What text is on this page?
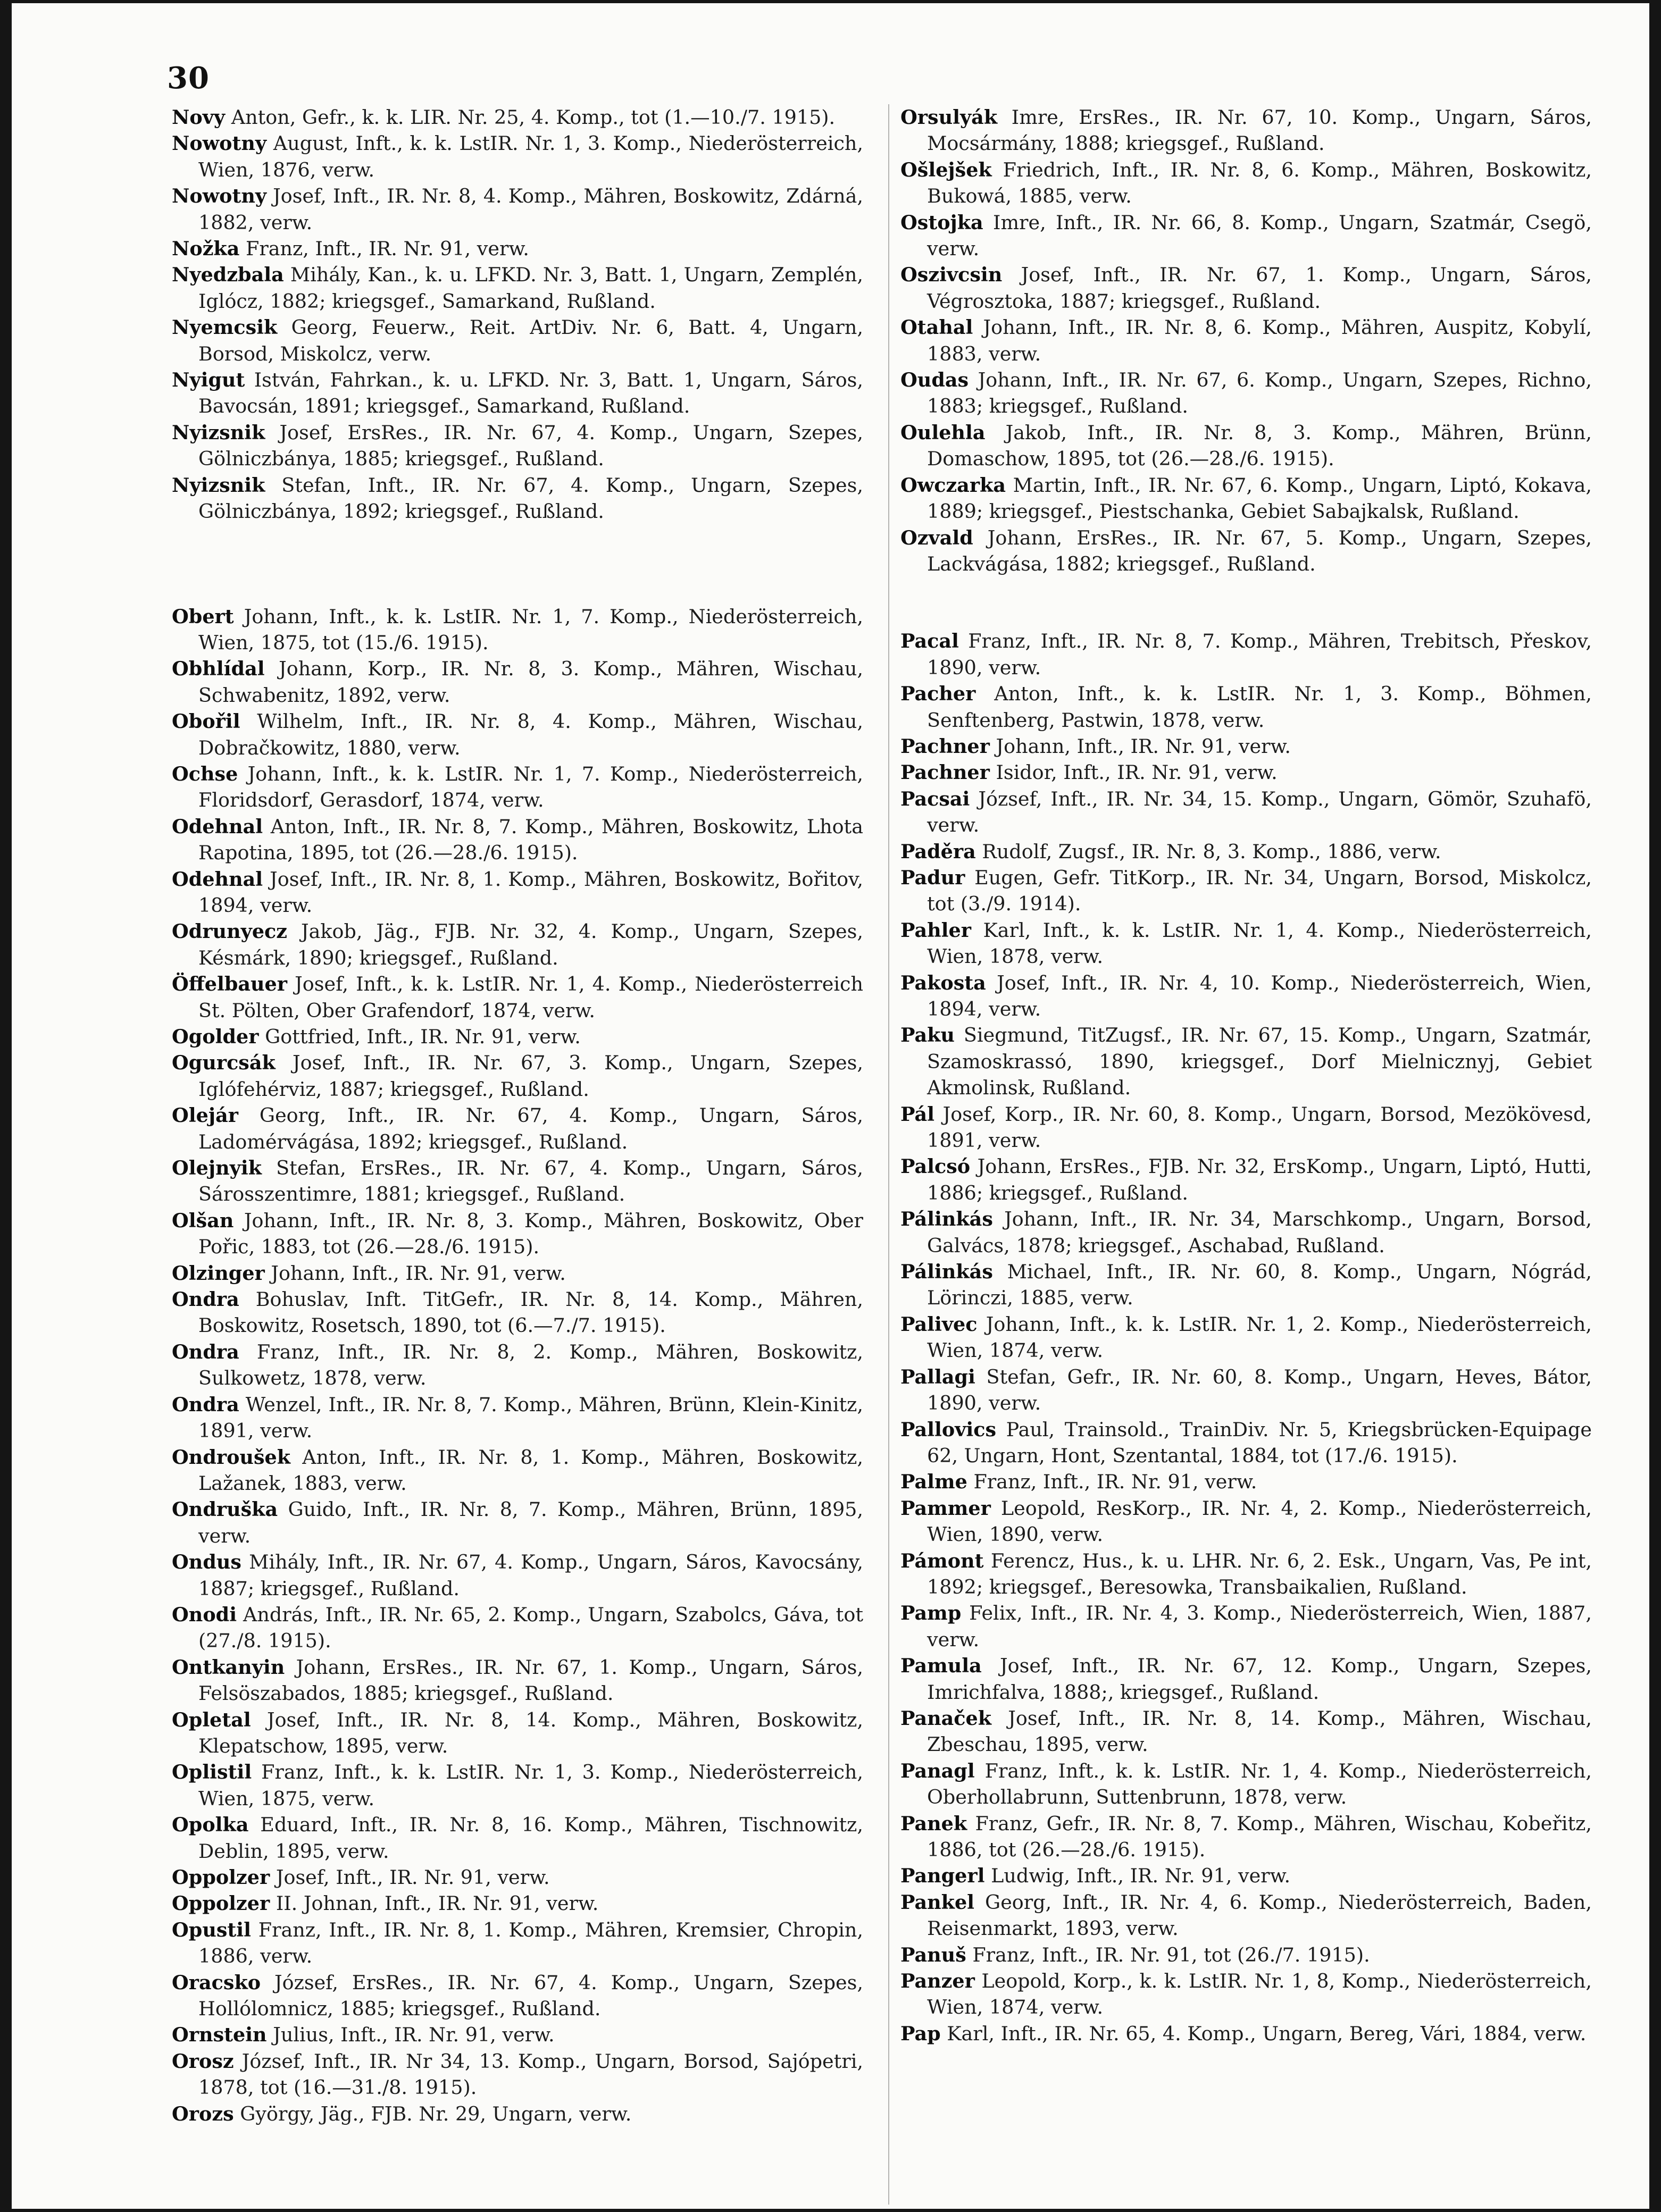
30

Novy Anton, Gefr., k. k. LIR. Nr. 25, 4. Komp., tot (1.—10./7. 1915).

Nowotny August, Inft., k. k. LstIR. Nr. 1, 3. Komp., Niederösterreich, Wien, 1876, verw.

Nowotny Josef, Inft., IR. Nr. 8, 4. Komp., Mähren, Boskowitz, Zdárná, 1882, verw.

Nožka Franz, Inft., IR. Nr. 91, verw.

Nyedzbala Mihály, Kan., k. u. LFKD. Nr. 3, Batt. 1, Ungarn, Zemplén, Iglócz, 1882; kriegsgef., Samarkand, Rußland.

Nyemcsik Georg, Feuerw., Reit. ArtDiv. Nr. 6, Batt. 4, Ungarn, Borsod, Miskolcz, verw.

Nyigut István, Fahrkan., k. u. LFKD. Nr. 3, Batt. 1, Ungarn, Sáros, Bavocsán, 1891; kriegsgef., Samarkand, Rußland.

Nyizsnik Josef, ErsRes., IR. Nr. 67, 4. Komp., Ungarn, Szepes, Gölniczbánya, 1885; kriegsgef., Rußland.

Nyizsnik Stefan, Inft., IR. Nr. 67, 4. Komp., Ungarn, Szepes, Gölniczbánya, 1892; kriegsgef., Rußland.

Obert Johann, Inft., k. k. LstIR. Nr. 1, 7. Komp., Niederösterreich, Wien, 1875, tot (15./6. 1915).

Obhlídal Johann, Korp., IR. Nr. 8, 3. Komp., Mähren, Wischau, Schwabenitz, 1892, verw.

Obořil Wilhelm, Inft., IR. Nr. 8, 4. Komp., Mähren, Wischau, Dobračkowitz, 1880, verw.

Ochse Johann, Inft., k. k. LstIR. Nr. 1, 7. Komp., Niederösterreich, Floridsdorf, Gerasdorf, 1874, verw.

Odehnal Anton, Inft., IR. Nr. 8, 7. Komp., Mähren, Boskowitz, Lhota Rapotina, 1895, tot (26.—28./6. 1915).

Odehnal Josef, Inft., IR. Nr. 8, 1. Komp., Mähren, Boskowitz, Bořitov, 1894, verw.

Odrunyecz Jakob, Jäg., FJB. Nr. 32, 4. Komp., Ungarn, Szepes, Késmárk, 1890; kriegsgef., Rußland.

Öffelbauer Josef, Inft., k. k. LstIR. Nr. 1, 4. Komp., Niederösterreich St. Pölten, Ober Grafendorf, 1874, verw.

Ogolder Gottfried, Inft., IR. Nr. 91, verw.

Ogurcsák Josef, Inft., IR. Nr. 67, 3. Komp., Ungarn, Szepes, Iglófehérviz, 1887; kriegsgef., Rußland.

Olejár Georg, Inft., IR. Nr. 67, 4. Komp., Ungarn, Sáros, Ladomérvágása, 1892; kriegsgef., Rußland.

Olejnyik Stefan, ErsRes., IR. Nr. 67, 4. Komp., Ungarn, Sáros, Sárosszentimre, 1881; kriegsgef., Rußland.

Olšan Johann, Inft., IR. Nr. 8, 3. Komp., Mähren, Boskowitz, Ober Pořic, 1883, tot (26.—28./6. 1915).

Olzinger Johann, Inft., IR. Nr. 91, verw.

Ondra Bohuslav, Inft. TitGefr., IR. Nr. 8, 14. Komp., Mähren, Boskowitz, Rosetsch, 1890, tot (6.—7./7. 1915).

Ondra Franz, Inft., IR. Nr. 8, 2. Komp., Mähren, Boskowitz, Sulkowetz, 1878, verw.

Ondra Wenzel, Inft., IR. Nr. 8, 7. Komp., Mähren, Brünn, Klein-Kinitz, 1891, verw.

Ondroušek Anton, Inft., IR. Nr. 8, 1. Komp., Mähren, Boskowitz, Lažanek, 1883, verw.

Ondruška Guido, Inft., IR. Nr. 8, 7. Komp., Mähren, Brünn, 1895, verw.

Ondus Mihály, Inft., IR. Nr. 67, 4. Komp., Ungarn, Sáros, Kavocsány, 1887; kriegsgef., Rußland.

Onodi András, Inft., IR. Nr. 65, 2. Komp., Ungarn, Szabolcs, Gáva, tot (27./8. 1915).

Ontkanyin Johann, ErsRes., IR. Nr. 67, 1. Komp., Ungarn, Sáros, Felsöszabados, 1885; kriegsgef., Rußland.

Opletal Josef, Inft., IR. Nr. 8, 14. Komp., Mähren, Boskowitz, Klepatschow, 1895, verw.

Oplistil Franz, Inft., k. k. LstIR. Nr. 1, 3. Komp., Niederösterreich, Wien, 1875, verw.

Opolka Eduard, Inft., IR. Nr. 8, 16. Komp., Mähren, Tischnowitz, Deblin, 1895, verw.

Oppolzer Josef, Inft., IR. Nr. 91, verw.

Oppolzer II. Johnan, Inft., IR. Nr. 91, verw.

Opustil Franz, Inft., IR. Nr. 8, 1. Komp., Mähren, Kremsier, Chropin, 1886, verw.

Oracsko József, ErsRes., IR. Nr. 67, 4. Komp., Ungarn, Szepes, Hollólomnicz, 1885; kriegsgef., Rußland.

Ornstein Julius, Inft., IR. Nr. 91, verw.

Orosz József, Inft., IR. Nr 34, 13. Komp., Ungarn, Borsod, Sajópetri, 1878, tot (16.—31./8. 1915).

Orozs György, Jäg., FJB. Nr. 29, Ungarn, verw.

Orsulyák Imre, ErsRes., IR. Nr. 67, 10. Komp., Ungarn, Sáros, Mocsármány, 1888; kriegsgef., Rußland.

Ošlejšek Friedrich, Inft., IR. Nr. 8, 6. Komp., Mähren, Boskowitz, Bukowá, 1885, verw.

Ostojka Imre, Inft., IR. Nr. 66, 8. Komp., Ungarn, Szatmár, Csegö, verw.

Oszivcsin Josef, Inft., IR. Nr. 67, 1. Komp., Ungarn, Sáros, Végrosztoka, 1887; kriegsgef., Rußland.

Otahal Johann, Inft., IR. Nr. 8, 6. Komp., Mähren, Auspitz, Kobylí, 1883, verw.

Oudas Johann, Inft., IR. Nr. 67, 6. Komp., Ungarn, Szepes, Richno, 1883; kriegsgef., Rußland.

Oulehla Jakob, Inft., IR. Nr. 8, 3. Komp., Mähren, Brünn, Domaschow, 1895, tot (26.—28./6. 1915).

Owczarka Martin, Inft., IR. Nr. 67, 6. Komp., Ungarn, Liptó, Kokava, 1889; kriegsgef., Piestschanka, Gebiet Sabajkalsk, Rußland.

Ozvald Johann, ErsRes., IR. Nr. 67, 5. Komp., Ungarn, Szepes, Lackvágása, 1882; kriegsgef., Rußland.

Pacal Franz, Inft., IR. Nr. 8, 7. Komp., Mähren, Trebitsch, Přeskov, 1890, verw.

Pacher Anton, Inft., k. k. LstIR. Nr. 1, 3. Komp., Böhmen, Senftenberg, Pastwin, 1878, verw.

Pachner Johann, Inft., IR. Nr. 91, verw.

Pachner Isidor, Inft., IR. Nr. 91, verw.

Pacsai József, Inft., IR. Nr. 34, 15. Komp., Ungarn, Gömör, Szuhafö, verw.

Paděra Rudolf, Zugsf., IR. Nr. 8, 3. Komp., 1886, verw.

Padur Eugen, Gefr. TitKorp., IR. Nr. 34, Ungarn, Borsod, Miskolcz, tot (3./9. 1914).

Pahler Karl, Inft., k. k. LstIR. Nr. 1, 4. Komp., Niederösterreich, Wien, 1878, verw.

Pakosta Josef, Inft., IR. Nr. 4, 10. Komp., Niederösterreich, Wien, 1894, verw.

Paku Siegmund, TitZugsf., IR. Nr. 67, 15. Komp., Ungarn, Szatmár, Szamoskrassó, 1890, kriegsgef., Dorf Mielnicznyj, Gebiet Akmolinsk, Rußland.

Pál Josef, Korp., IR. Nr. 60, 8. Komp., Ungarn, Borsod, Mezökövesd, 1891, verw.

Palcsó Johann, ErsRes., FJB. Nr. 32, ErsKomp., Ungarn, Liptó, Hutti, 1886; kriegsgef., Rußland.

Pálinkás Johann, Inft., IR. Nr. 34, Marschkomp., Ungarn, Borsod, Galvács, 1878; kriegsgef., Aschabad, Rußland.

Pálinkás Michael, Inft., IR. Nr. 60, 8. Komp., Ungarn, Nógrád, Lörinczi, 1885, verw.

Palivec Johann, Inft., k. k. LstIR. Nr. 1, 2. Komp., Niederösterreich, Wien, 1874, verw.

Pallagi Stefan, Gefr., IR. Nr. 60, 8. Komp., Ungarn, Heves, Bátor, 1890, verw.

Pallovics Paul, Trainsold., TrainDiv. Nr. 5, Kriegsbrücken-Equipage 62, Ungarn, Hont, Szentantal, 1884, tot (17./6. 1915).

Palme Franz, Inft., IR. Nr. 91, verw.

Pammer Leopold, ResKorp., IR. Nr. 4, 2. Komp., Niederösterreich, Wien, 1890, verw.

Pámont Ferencz, Hus., k. u. LHR. Nr. 6, 2. Esk., Ungarn, Vas, Pe int, 1892; kriegsgef., Beresowka, Transbaikalien, Rußland.

Pamp Felix, Inft., IR. Nr. 4, 3. Komp., Niederösterreich, Wien, 1887, verw.

Pamula Josef, Inft., IR. Nr. 67, 12. Komp., Ungarn, Szepes, Imrichfalva, 1888;, kriegsgef., Rußland.

Panaček Josef, Inft., IR. Nr. 8, 14. Komp., Mähren, Wischau, Zbeschau, 1895, verw.

Panagl Franz, Inft., k. k. LstIR. Nr. 1, 4. Komp., Niederösterreich, Oberhollabrunn, Suttenbrunn, 1878, verw.

Panek Franz, Gefr., IR. Nr. 8, 7. Komp., Mähren, Wischau, Kobeřitz, 1886, tot (26.—28./6. 1915).

Pangerl Ludwig, Inft., IR. Nr. 91, verw.

Pankel Georg, Inft., IR. Nr. 4, 6. Komp., Niederösterreich, Baden, Reisenmarkt, 1893, verw.

Panuš Franz, Inft., IR. Nr. 91, tot (26./7. 1915).

Panzer Leopold, Korp., k. k. LstIR. Nr. 1, 8, Komp., Niederösterreich, Wien, 1874, verw.

Pap Karl, Inft., IR. Nr. 65, 4. Komp., Ungarn, Bereg, Vári, 1884, verw.
